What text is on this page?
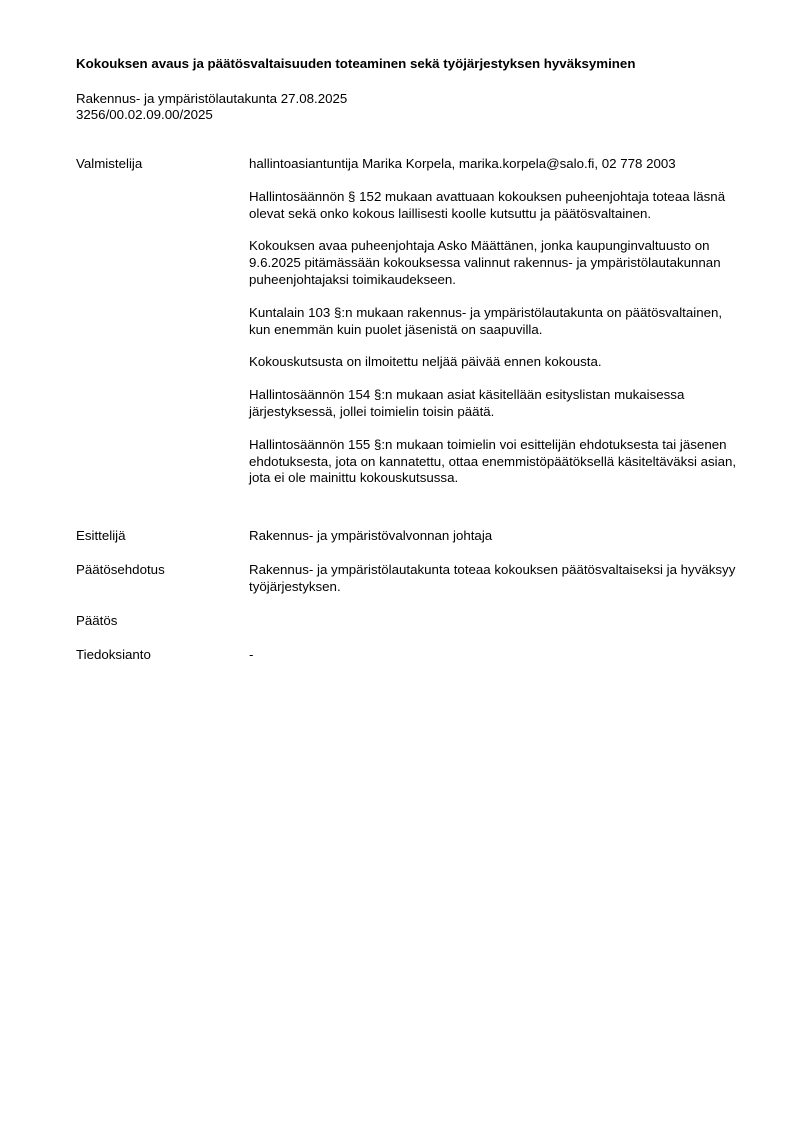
Kokouksen avaus ja päätösvaltaisuuden toteaminen sekä työjärjestyksen hyväksyminen
Rakennus- ja ympäristölautakunta 27.08.2025
3256/00.02.09.00/2025
Valmistelija	hallintoasiantuntija Marika Korpela, marika.korpela@salo.fi, 02 778 2003

Hallintosäännön § 152 mukaan avattuaan kokouksen puheenjohtaja toteaa läsnä olevat sekä onko kokous laillisesti koolle kutsuttu ja päätösvaltainen.

Kokouksen avaa puheenjohtaja Asko Määttänen, jonka kaupunginvaltuusto on 9.6.2025 pitämässään kokouksessa valinnut rakennus- ja ympäristölautakunnan puheenjohtajaksi toimikaudekseen.

Kuntalain 103 §:n mukaan rakennus- ja ympäristölautakunta on päätösvaltainen, kun enemmän kuin puolet jäsenistä on saapuvilla.

Kokouskutsusta on ilmoitettu neljää päivää ennen kokousta.

Hallintosäännön 154 §:n mukaan asiat käsitellään esityslistan mukaisessa järjestyksessä, jollei toimielin toisin päätä.

Hallintosäännön 155 §:n mukaan toimielin voi esittelijän ehdotuksesta tai jäsenen ehdotuksesta, jota on kannatettu, ottaa enemmistöpäätöksellä käsiteltäväksi asian, jota ei ole mainittu kokouskutsussa.

Esittelijä	Rakennus- ja ympäristövalvonnan johtaja
Päätösehdotus	Rakennus- ja ympäristölautakunta toteaa kokouksen päätösvaltaiseksi ja hyväksyy työjärjestyksen.
Päätös
Tiedoksianto	-
